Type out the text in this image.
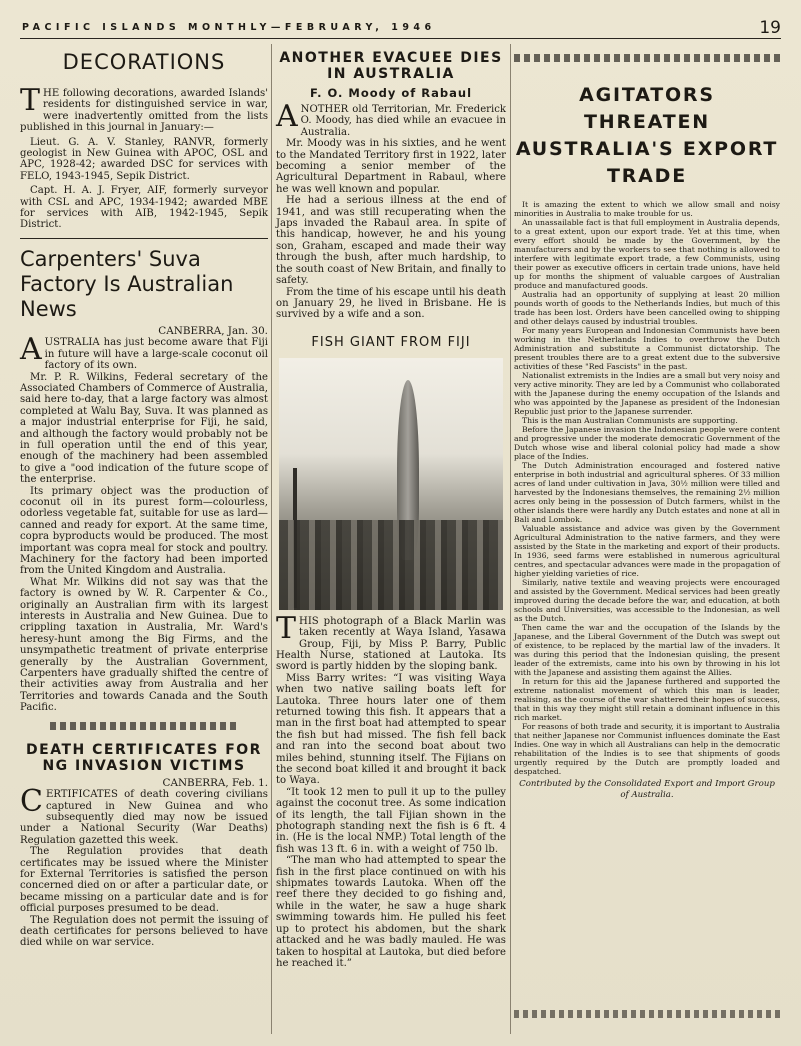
PACIFIC ISLANDS MONTHLY—FEBRUARY, 1946	19
DECORATIONS

THE following decorations, awarded Islands' residents for distinguished service in war, were inadvertently omitted from the lists published in this journal in January:—

Lieut. G. A. V. Stanley, RANVR, formerly geologist in New Guinea with APOC, OSL and APC, 1928-42; awarded DSC for services with FELO, 1943-1945, Sepik District.

Capt. H. A. J. Fryer, AIF, formerly surveyor with CSL and APC, 1934-1942; awarded MBE for services with AIB, 1942-1945, Sepik District.

Carpenters' Suva Factory Is Australian News
CANBERRA, Jan. 30.

AUSTRALIA has just become aware that Fiji in future will have a large-scale coconut oil factory of its own.

Mr. P. R. Wilkins, Federal secretary of the Associated Chambers of Commerce of Australia, said here to-day, that a large factory was almost completed at Walu Bay, Suva. It was planned as a major industrial enterprise for Fiji, he said, and although the factory would probably not be in full operation until the end of this year, enough of the machinery had been assembled to give a "ood indication of the future scope of the enterprise.

Its primary object was the production of coconut oil in its purest form—colourless, odorless vegetable fat, suitable for use as lard—canned and ready for export. At the same time, copra byproducts would be produced. The most important was copra meal for stock and poultry. Machinery for the factory had been imported from the United Kingdom and Australia.

What Mr. Wilkins did not say was that the factory is owned by W. R. Carpenter & Co., originally an Australian firm with its largest interests in Australia and New Guinea. Due to crippling taxation in Australia, Mr. Ward's heresy-hunt among the Big Firms, and the unsympathetic treatment of private enterprise generally by the Australian Government, Carpenters have gradually shifted the centre of their activities away from Australia and her Territories and towards Canada and the South Pacific.

DEATH CERTIFICATES FOR NG INVASION VICTIMS
CANBERRA, Feb. 1.

CERTIFICATES of death covering civilians captured in New Guinea and who subsequently died may now be issued under a National Security (War Deaths) Regulation gazetted this week.

The Regulation provides that death certificates may be issued where the Minister for External Territories is satisfied the person concerned died on or after a particular date, or became missing on a particular date and is for official purposes presumed to be dead.

The Regulation does not permit the issuing of death certificates for persons believed to have died while on war service.

ANOTHER EVACUEE DIES IN AUSTRALIA
F. O. Moody of Rabaul

ANOTHER old Territorian, Mr. Frederick O. Moody, has died while an evacuee in Australia.

Mr. Moody was in his sixties, and he went to the Mandated Territory first in 1922, later becoming a senior member of the Agricultural Department in Rabaul, where he was well known and popular.

He had a serious illness at the end of 1941, and was still recuperating when the Japs invaded the Rabaul area. In spite of this handicap, however, he and his young son, Graham, escaped and made their way through the bush, after much hardship, to the south coast of New Britain, and finally to safety.

From the time of his escape until his death on January 29, he lived in Brisbane. He is survived by a wife and a son.

FISH GIANT FROM FIJI

THIS photograph of a Black Marlin was taken recently at Waya Island, Yasawa Group, Fiji, by Miss P. Barry, Public Health Nurse, stationed at Lautoka. Its sword is partly hidden by the sloping bank.

Miss Barry writes: “I was visiting Waya when two native sailing boats left for Lautoka. Three hours later one of them returned towing this fish. It appears that a man in the first boat had attempted to spear the fish but had missed. The fish fell back and ran into the second boat about two miles behind, stunning itself. The Fijians on the second boat killed it and brought it back to Waya.

“It took 12 men to pull it up to the pulley against the coconut tree. As some indication of its length, the tall Fijian shown in the photograph standing next the fish is 6 ft. 4 in. (He is the local NMP.) Total length of the fish was 13 ft. 6 in. with a weight of 750 lb.

“The man who had attempted to spear the fish in the first place continued on with his shipmates towards Lautoka. When off the reef there they decided to go fishing and, while in the water, he saw a huge shark swimming towards him. He pulled his feet up to protect his abdomen, but the shark attacked and he was badly mauled. He was taken to hospital at Lautoka, but died before he reached it.”

AGITATORS THREATEN AUSTRALIA'S EXPORT TRADE

It is amazing the extent to which we allow small and noisy minorities in Australia to make trouble for us.

An unassailable fact is that full employment in Australia depends, to a great extent, upon our export trade. Yet at this time, when every effort should be made by the Government, by the manufacturers and by the workers to see that nothing is allowed to interfere with legitimate export trade, a few Communists, using their power as executive officers in certain trade unions, have held up for months the shipment of valuable cargoes of Australian produce and manufactured goods.

Australia had an opportunity of supplying at least 20 million pounds worth of goods to the Netherlands Indies, but much of this trade has been lost. Orders have been cancelled owing to shipping and other delays caused by industrial troubles.

For many years European and Indonesian Communists have been working in the Netherlands Indies to overthrow the Dutch Administration and substitute a Communist dictatorship. The present troubles there are to a great extent due to the subversive activities of these "Red Fascists" in the past.

Nationalist extremists in the Indies are a small but very noisy and very active minority. They are led by a Communist who collaborated with the Japanese during the enemy occupation of the Islands and who was appointed by the Japanese as president of the Indonesian Republic just prior to the Japanese surrender.

This is the man Australian Communists are supporting.

Before the Japanese invasion the Indonesian people were content and progressive under the moderate democratic Government of the Dutch whose wise and liberal colonial policy had made a show place of the Indies.

The Dutch Administration encouraged and fostered native enterprise in both industrial and agricultural spheres. Of 33 million acres of land under cultivation in Java, 30½ million were tilled and harvested by the Indonesians themselves, the remaining 2½ million acres only being in the possession of Dutch farmers, whilst in the other islands there were hardly any Dutch estates and none at all in Bali and Lombok.

Valuable assistance and advice was given by the Government Agricultural Administration to the native farmers, and they were assisted by the State in the marketing and export of their products. In 1936, seed farms were established in numerous agricultural centres, and spectacular advances were made in the propagation of higher yielding varieties of rice.

Similarly, native textile and weaving projects were encouraged and assisted by the Government. Medical services had been greatly improved during the decade before the war, and education, at both schools and Universities, was accessible to the Indonesian, as well as the Dutch.

Then came the war and the occupation of the Islands by the Japanese, and the Liberal Government of the Dutch was swept out of existence, to be replaced by the martial law of the invaders. It was during this period that the Indonesian quisling, the present leader of the extremists, came into his own by throwing in his lot with the Japanese and assisting them against the Allies.

In return for this aid the Japanese furthered and supported the extreme nationalist movement of which this man is leader, realising, as the course of the war shattered their hopes of success, that in this way they might still retain a dominant influence in this rich market.

For reasons of both trade and security, it is important to Australia that neither Japanese nor Communist influences dominate the East Indies. One way in which all Australians can help in the democratic rehabilitation of the Indies is to see that shipments of goods urgently required by the Dutch are promptly loaded and despatched.

Contributed by the Consolidated Export and Import Group of Australia.
